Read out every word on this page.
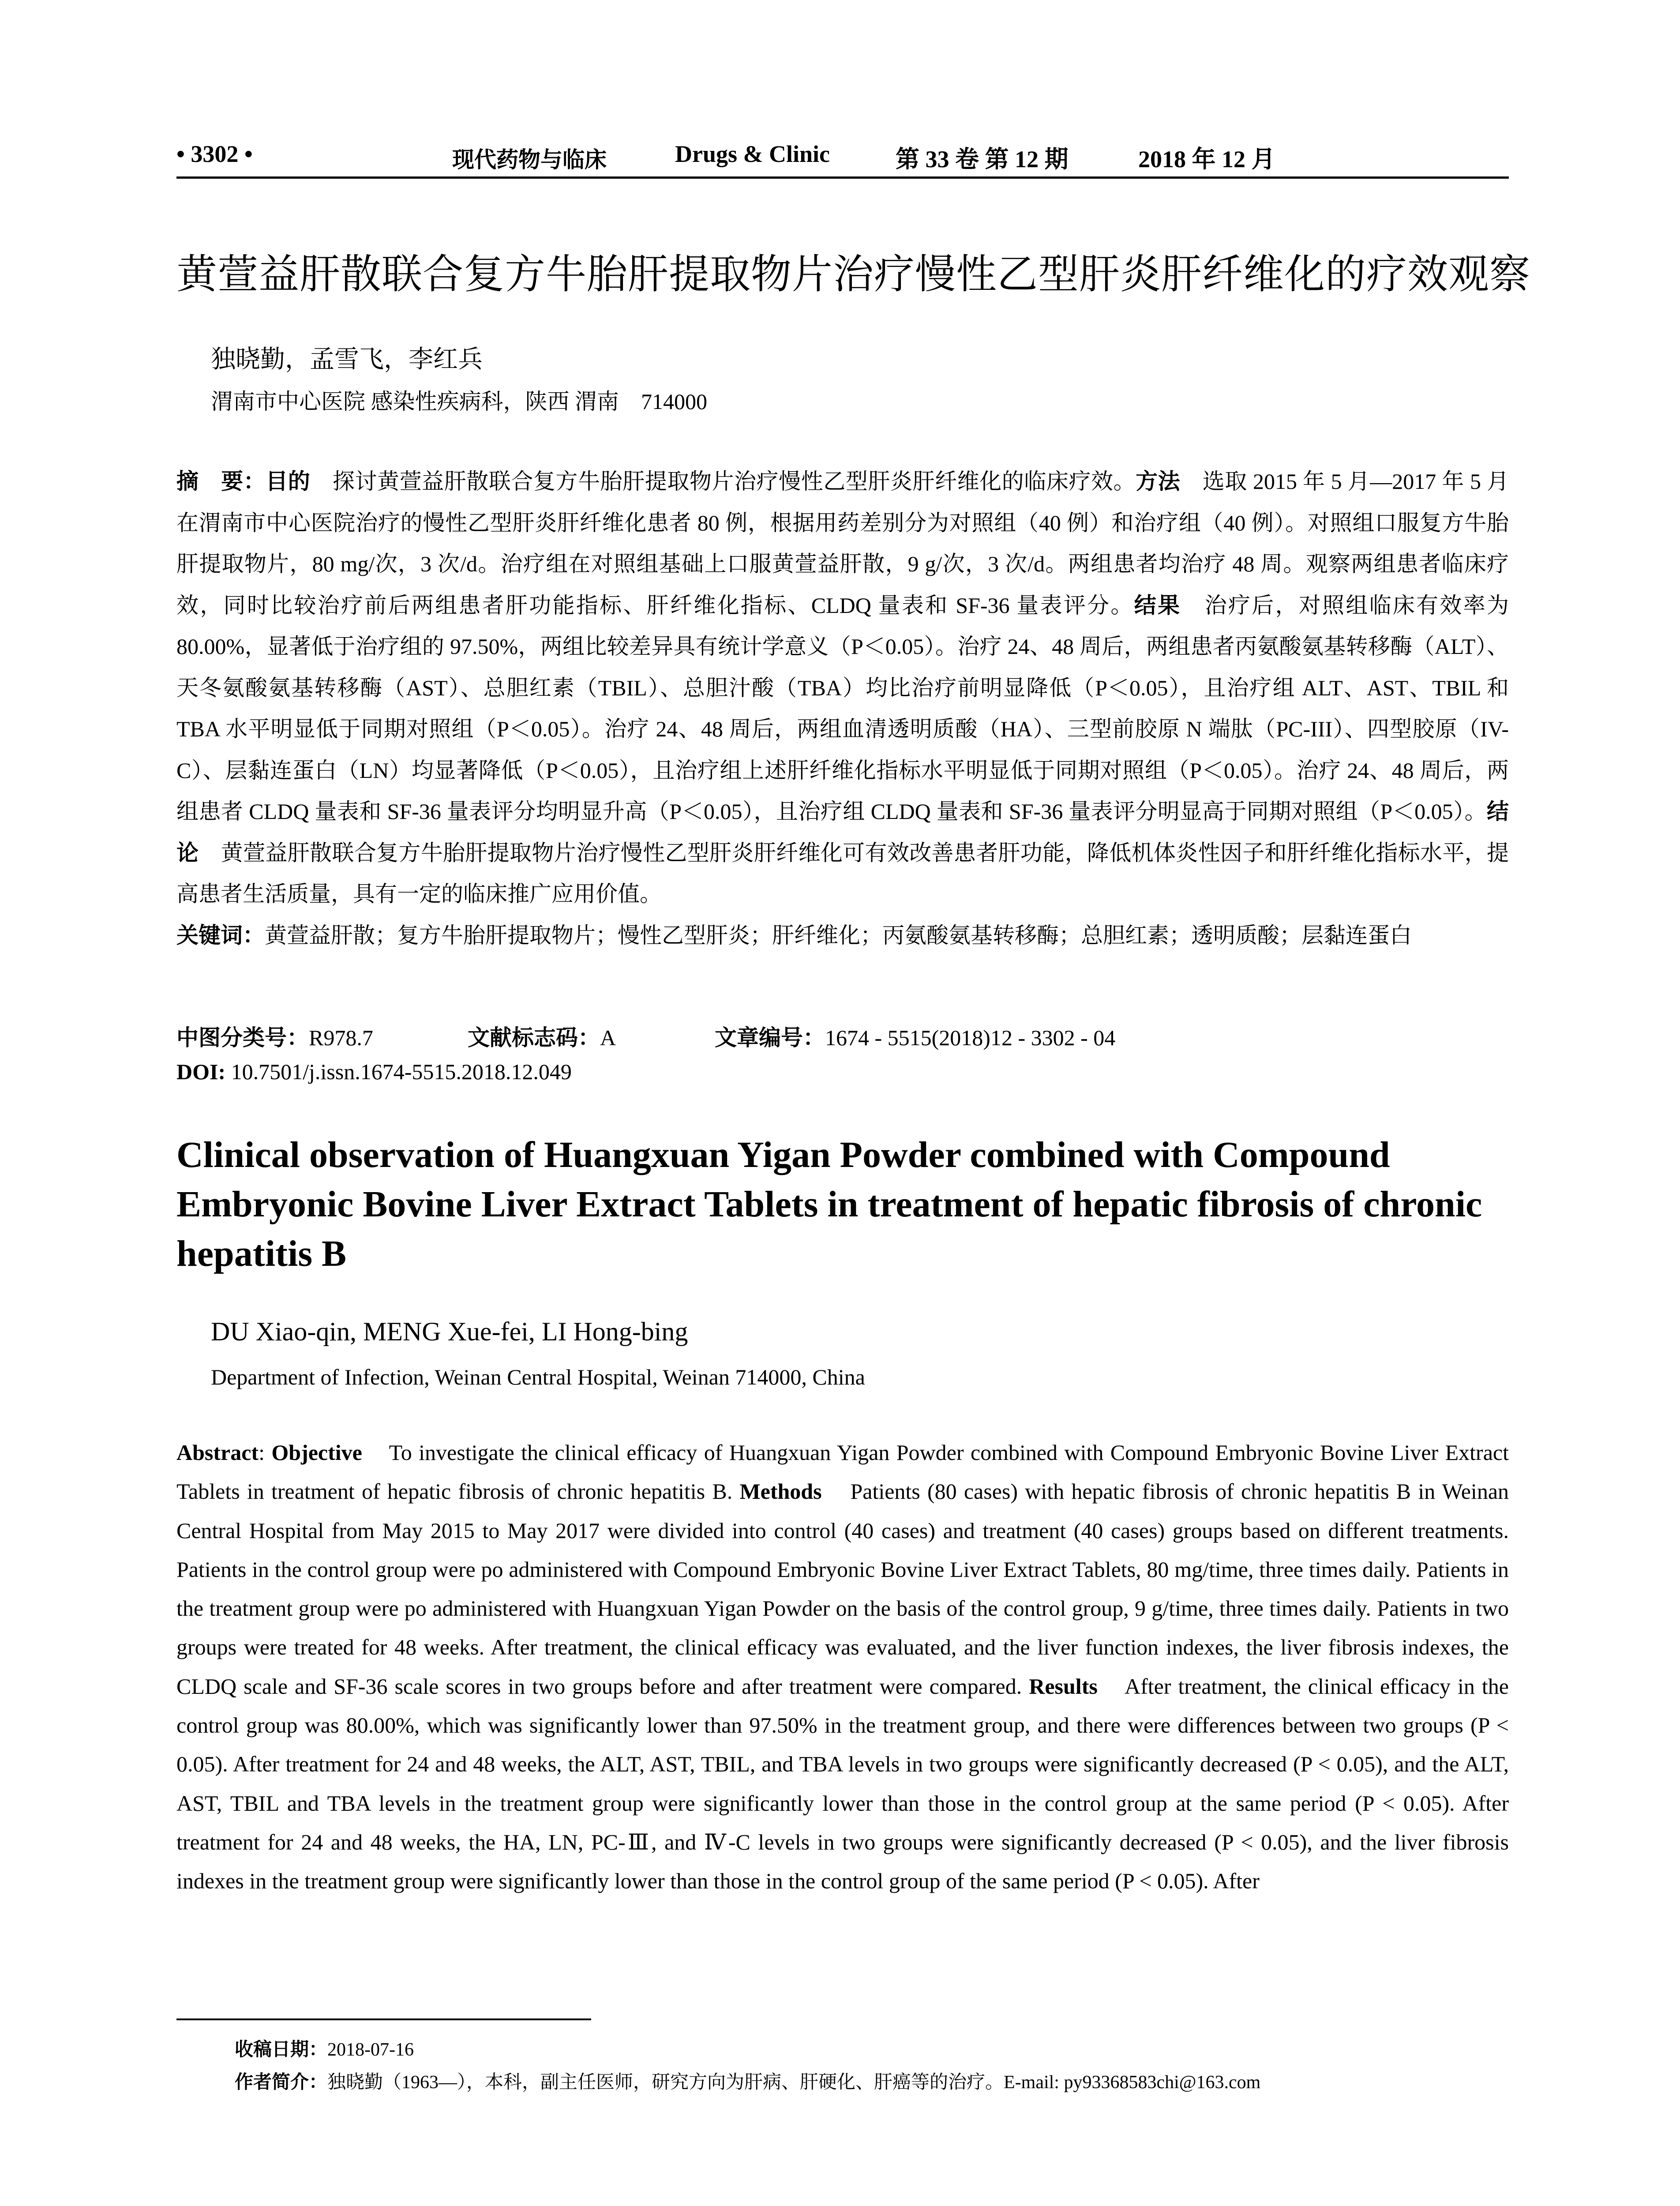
• 3302 •	现代药物与临床	Drugs & Clinic	第 33 卷 第 12 期	2018 年 12 月
黄萱益肝散联合复方牛胎肝提取物片治疗慢性乙型肝炎肝纤维化的疗效观察
独晓勤，孟雪飞，李红兵
渭南市中心医院 感染性疾病科，陕西 渭南　714000
摘　要：目的　探讨黄萱益肝散联合复方牛胎肝提取物片治疗慢性乙型肝炎肝纤维化的临床疗效。方法　选取 2015 年 5 月—2017 年 5 月在渭南市中心医院治疗的慢性乙型肝炎肝纤维化患者 80 例，根据用药差别分为对照组（40 例）和治疗组（40 例）。对照组口服复方牛胎肝提取物片，80 mg/次，3 次/d。治疗组在对照组基础上口服黄萱益肝散，9 g/次，3 次/d。两组患者均治疗 48 周。观察两组患者临床疗效，同时比较治疗前后两组患者肝功能指标、肝纤维化指标、CLDQ 量表和 SF-36 量表评分。结果　治疗后，对照组临床有效率为 80.00%，显著低于治疗组的 97.50%，两组比较差异具有统计学意义（P＜0.05）。治疗 24、48 周后，两组患者丙氨酸氨基转移酶（ALT）、天冬氨酸氨基转移酶（AST）、总胆红素（TBIL）、总胆汁酸（TBA）均比治疗前明显降低（P＜0.05），且治疗组 ALT、AST、TBIL 和 TBA 水平明显低于同期对照组（P＜0.05）。治疗 24、48 周后，两组血清透明质酸（HA）、三型前胶原 N 端肽（PC-III）、四型胶原（IV-C）、层黏连蛋白（LN）均显著降低（P＜0.05），且治疗组上述肝纤维化指标水平明显低于同期对照组（P＜0.05）。治疗 24、48 周后，两组患者 CLDQ 量表和 SF-36 量表评分均明显升高（P＜0.05），且治疗组 CLDQ 量表和 SF-36 量表评分明显高于同期对照组（P＜0.05）。结论　黄萱益肝散联合复方牛胎肝提取物片治疗慢性乙型肝炎肝纤维化可有效改善患者肝功能，降低机体炎性因子和肝纤维化指标水平，提高患者生活质量，具有一定的临床推广应用价值。
关键词：黄萱益肝散；复方牛胎肝提取物片；慢性乙型肝炎；肝纤维化；丙氨酸氨基转移酶；总胆红素；透明质酸；层黏连蛋白
中图分类号：R978.7	文献标志码：A	文章编号：1674 - 5515(2018)12 - 3302 - 04
DOI: 10.7501/j.issn.1674-5515.2018.12.049
Clinical observation of Huangxuan Yigan Powder combined with Compound Embryonic Bovine Liver Extract Tablets in treatment of hepatic fibrosis of chronic hepatitis B
DU Xiao-qin, MENG Xue-fei, LI Hong-bing
Department of Infection, Weinan Central Hospital, Weinan 714000, China
Abstract: Objective To investigate the clinical efficacy of Huangxuan Yigan Powder combined with Compound Embryonic Bovine Liver Extract Tablets in treatment of hepatic fibrosis of chronic hepatitis B. Methods Patients (80 cases) with hepatic fibrosis of chronic hepatitis B in Weinan Central Hospital from May 2015 to May 2017 were divided into control (40 cases) and treatment (40 cases) groups based on different treatments. Patients in the control group were po administered with Compound Embryonic Bovine Liver Extract Tablets, 80 mg/time, three times daily. Patients in the treatment group were po administered with Huangxuan Yigan Powder on the basis of the control group, 9 g/time, three times daily. Patients in two groups were treated for 48 weeks. After treatment, the clinical efficacy was evaluated, and the liver function indexes, the liver fibrosis indexes, the CLDQ scale and SF-36 scale scores in two groups before and after treatment were compared. Results After treatment, the clinical efficacy in the control group was 80.00%, which was significantly lower than 97.50% in the treatment group, and there were differences between two groups (P < 0.05). After treatment for 24 and 48 weeks, the ALT, AST, TBIL, and TBA levels in two groups were significantly decreased (P < 0.05), and the ALT, AST, TBIL and TBA levels in the treatment group were significantly lower than those in the control group at the same period (P < 0.05). After treatment for 24 and 48 weeks, the HA, LN, PC-Ⅲ, and Ⅳ-C levels in two groups were significantly decreased (P < 0.05), and the liver fibrosis indexes in the treatment group were significantly lower than those in the control group of the same period (P < 0.05). After
收稿日期：2018-07-16
作者简介：独晓勤（1963—），本科，副主任医师，研究方向为肝病、肝硬化、肝癌等的治疗。E-mail: py93368583chi@163.com
